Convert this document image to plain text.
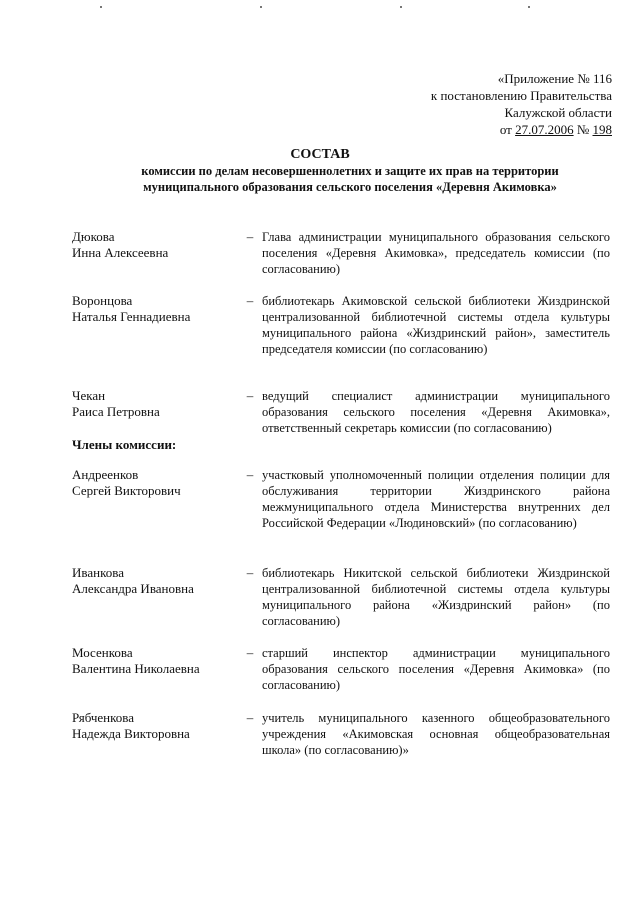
«Приложение № 116
к постановлению Правительства
Калужской области
от 27.07.2006 № 198
СОСТАВ
комиссии по делам несовершеннолетних и защите их прав на территории муниципального образования сельского поселения «Деревня Акимовка»
Дюкова
Инна Алексеевна
– Глава администрации муниципального образования сельского поселения «Деревня Акимовка», председатель комиссии (по согласованию)
Воронцова
Наталья Геннадиевна
– библиотекарь Акимовской сельской библиотеки Жиздринской централизованной библиотечной системы отдела культуры муниципального района «Жиздринский район», заместитель председателя комиссии (по согласованию)
Чекан
Раиса Петровна
– ведущий специалист администрации муниципального образования сельского поселения «Деревня Акимовка», ответственный секретарь комиссии (по согласованию)
Члены комиссии:
Андреенков
Сергей Викторович
– участковый уполномоченный полиции отделения полиции для обслуживания территории Жиздринского района межмуниципального отдела Министерства внутренних дел Российской Федерации «Людиновский» (по согласованию)
Иванкова
Александра Ивановна
– библиотекарь Никитской сельской библиотеки Жиздринской централизованной библиотечной системы отдела культуры муниципального района «Жиздринский район» (по согласованию)
Мосенкова
Валентина Николаевна
– старший инспектор администрации муниципального образования сельского поселения «Деревня Акимовка» (по согласованию)
Рябченкова
Надежда Викторовна
– учитель муниципального казенного общеобразовательного учреждения «Акимовская основная общеобразовательная школа» (по согласованию)»
